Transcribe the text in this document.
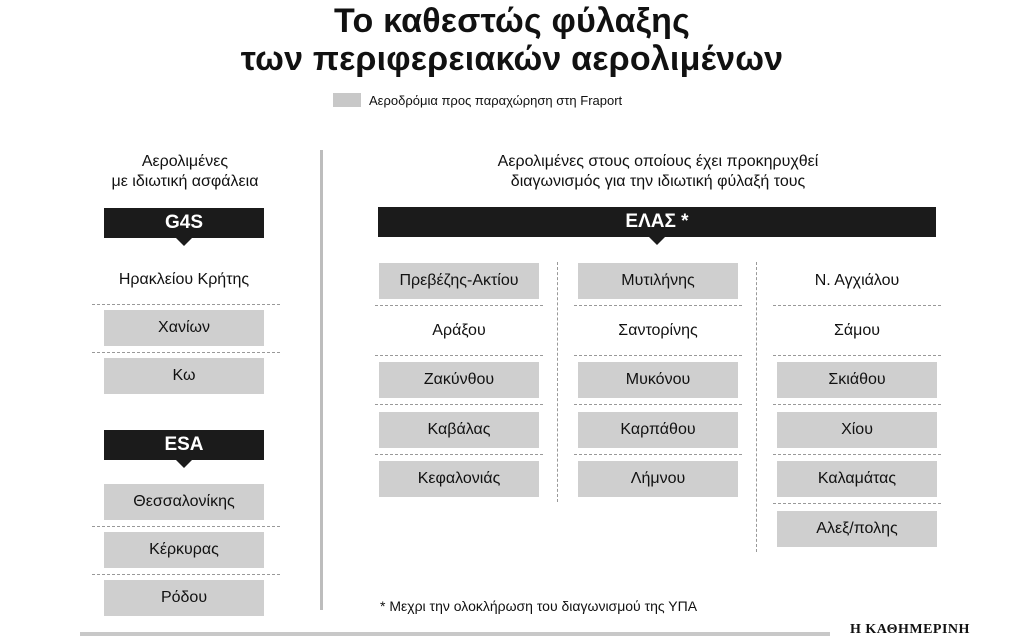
Το καθεστώς φύλαξης
των περιφερειακών αερολιμένων
Αεροδρόμια προς παραχώρηση στη Fraport
Αερολιμένες
με ιδιωτική ασφάλεια
Αερολιμένες στους οποίους έχει προκηρυχθεί
διαγωνισμός για την ιδιωτική φύλαξή τους
G4S
Ηρακλείου Κρήτης
Χανίων
Κω
ESA
Θεσσαλονίκης
Κέρκυρας
Ρόδου
ΕΛΑΣ *
Πρεβέζης-Ακτίου
Αράξου
Ζακύνθου
Καβάλας
Κεφαλονιάς
Μυτιλήνης
Σαντορίνης
Μυκόνου
Καρπάθου
Λήμνου
Ν. Αγχιάλου
Σάμου
Σκιάθου
Χίου
Καλαμάτας
Αλεξ/πολης
* Μεχρι την ολοκλήρωση του διαγωνισμού της ΥΠΑ
Η ΚΑΘΗΜΕΡΙΝΗ
